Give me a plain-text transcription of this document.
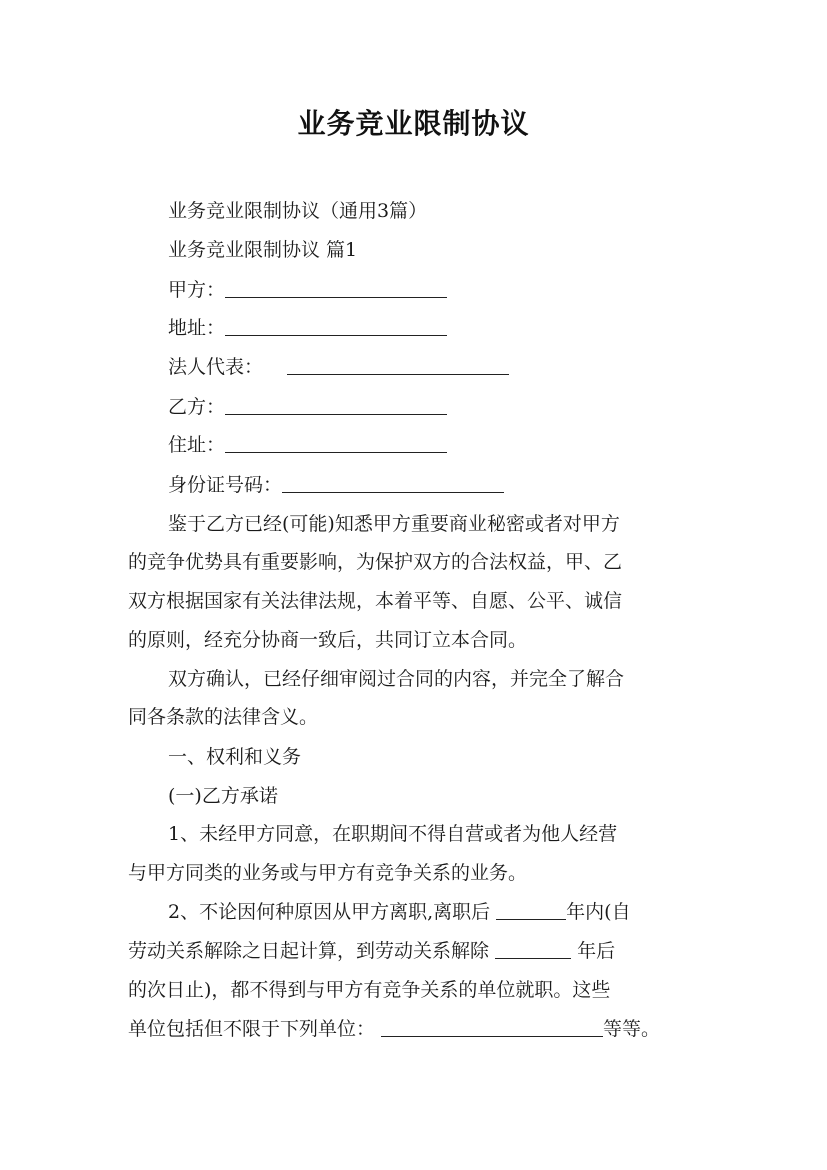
业务竞业限制协议
业务竞业限制协议（通用3篇）
业务竞业限制协议 篇1
甲方：
地址：
法人代表：
乙方：
住址：
身份证号码：
鉴于乙方已经(可能)知悉甲方重要商业秘密或者对甲方
的竞争优势具有重要影响，为保护双方的合法权益，甲、乙
双方根据国家有关法律法规，本着平等、自愿、公平、诚信
的原则，经充分协商一致后，共同订立本合同。
双方确认，已经仔细审阅过合同的内容，并完全了解合
同各条款的法律含义。
一、权利和义务
(一)乙方承诺
1、未经甲方同意，在职期间不得自营或者为他人经营
与甲方同类的业务或与甲方有竞争关系的业务。
2、不论因何种原因从甲方离职,离职后	年内(自
劳动关系解除之日起计算，到劳动关系解除	年后
的次日止)，都不得到与甲方有竞争关系的单位就职。这些
单位包括但不限于下列单位：	等等。
